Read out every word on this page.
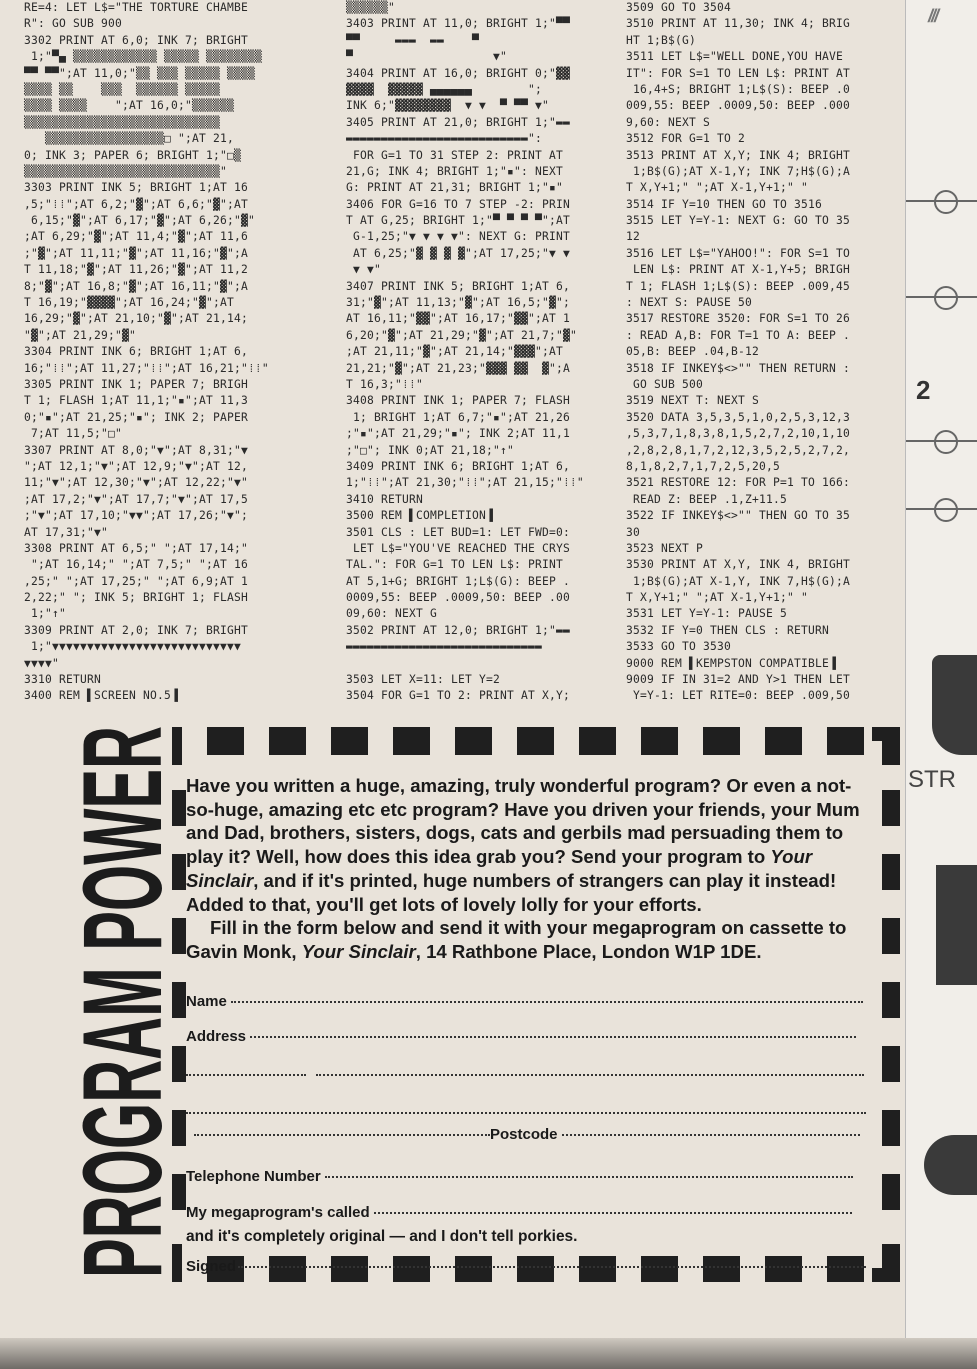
RE=4: LET L$="THE TORTURE CHAMBE
R": GO SUB 900
3302 PRINT AT 6,0; INK 7; BRIGHT
1;"▀▄ ▒▒▒▒▒▒▒▒▒▒▒▒ ▒▒▒▒▒ ▒▒▒▒▒▒▒▒
▀▀ ▀▀";AT 11,0;"▒▒ ▒▒▒ ▒▒▒▒▒ ▒▒▒▒
▒▒▒▒ ▒▒    ▒▒▒  ▒▒▒▒▒▒ ▒▒▒▒▒
▒▒▒▒ ▒▒▒▒    ";AT 16,0;"▒▒▒▒▒▒
▒▒▒▒▒▒▒▒▒▒▒▒▒▒▒▒▒▒▒▒▒▒▒▒▒▒▒▒
▒▒▒▒▒▒▒▒▒▒▒▒▒▒▒▒▒□ ";AT 21,
0; INK 3; PAPER 6; BRIGHT 1;"□▒
▒▒▒▒▒▒▒▒▒▒▒▒▒▒▒▒▒▒▒▒▒▒▒▒▒▒▒▒"
3303 PRINT INK 5; BRIGHT 1;AT 16
,5;"⁞⁞";AT 6,2;"▓";AT 6,6;"▓";AT
6,15;"▓";AT 6,17;"▓";AT 6,26;"▓"
;AT 6,29;"▓";AT 11,4;"▓";AT 11,6
;"▓";AT 11,11;"▓";AT 11,16;"▓";A
T 11,18;"▓";AT 11,26;"▓";AT 11,2
8;"▓";AT 16,8;"▓";AT 16,11;"▓";A
T 16,19;"▓▓▓▓";AT 16,24;"▓";AT
16,29;"▓";AT 21,10;"▓";AT 21,14;
"▓";AT 21,29;"▓"
3304 PRINT INK 6; BRIGHT 1;AT 6,
16;"⁞⁞";AT 11,27;"⁞⁞";AT 16,21;"⁞⁞"
3305 PRINT INK 1; PAPER 7; BRIGH
T 1; FLASH 1;AT 11,1;"▪";AT 11,3
0;"▪";AT 21,25;"▪"; INK 2; PAPER
7;AT 11,5;"□"
3307 PRINT AT 8,0;"▼";AT 8,31;"▼
";AT 12,1;"▼";AT 12,9;"▼";AT 12,
11;"▼";AT 12,30;"▼";AT 12,22;"▼"
;AT 17,2;"▼";AT 17,7;"▼";AT 17,5
;"▼";AT 17,10;"▼▼";AT 17,26;"▼";
AT 17,31;"▼"
3308 PRINT AT 6,5;" ";AT 17,14;"
";AT 16,14;" ";AT 7,5;" ";AT 16
,25;" ";AT 17,25;" ";AT 6,9;AT 1
2,22;" "; INK 5; BRIGHT 1; FLASH
1;"↑"
3309 PRINT AT 2,0; INK 7; BRIGHT
1;"▼▼▼▼▼▼▼▼▼▼▼▼▼▼▼▼▼▼▼▼▼▼▼▼▼▼▼
▼▼▼▼"
3310 RETURN
3400 REM ▌SCREEN NO.5▐
▒▒▒▒▒▒"
3403 PRINT AT 11,0; BRIGHT 1;"▀▀
▀▀     ▬▬▬  ▬▬    ▀
▀                    ▼"
3404 PRINT AT 16,0; BRIGHT 0;"▓▓
▓▓▓▓  ▓▓▓▓▓ ▄▄▄▄▄▄        ";
INK 6;"▓▓▓▓▓▓▓▓  ▼ ▼  ▀ ▀▀ ▼"
3405 PRINT AT 21,0; BRIGHT 1;"▬▬
▬▬▬▬▬▬▬▬▬▬▬▬▬▬▬▬▬▬▬▬▬▬▬▬▬▬":
FOR G=1 TO 31 STEP 2: PRINT AT
21,G; INK 4; BRIGHT 1;"▪": NEXT
G: PRINT AT 21,31; BRIGHT 1;"▪"
3406 FOR G=16 TO 7 STEP -2: PRIN
T AT G,25; BRIGHT 1;"▀ ▀ ▀ ▀";AT
G-1,25;"▼ ▼ ▼ ▼": NEXT G: PRINT
AT 6,25;"▓ ▓ ▓ ▓";AT 17,25;"▼ ▼
▼ ▼"
3407 PRINT INK 5; BRIGHT 1;AT 6,
31;"▓";AT 11,13;"▓";AT 16,5;"▓";
AT 16,11;"▓▓";AT 16,17;"▓▓";AT 1
6,20;"▓";AT 21,29;"▓";AT 21,7;"▓"
;AT 21,11;"▓";AT 21,14;"▓▓▓";AT
21,21;"▓";AT 21,23;"▓▓▓ ▓▓  ▓";A
T 16,3;"⁞⁞"
3408 PRINT INK 1; PAPER 7; FLASH
1; BRIGHT 1;AT 6,7;"▪";AT 21,26
;"▪";AT 21,29;"▪"; INK 2;AT 11,1
;"□"; INK 0;AT 21,18;"↑"
3409 PRINT INK 6; BRIGHT 1;AT 6,
1;"⁞⁞";AT 21,30;"⁞⁞";AT 21,15;"⁞⁞"
3410 RETURN
3500 REM ▌COMPLETION▐
3501 CLS : LET BUD=1: LET FWD=0:
LET L$="YOU'VE REACHED THE CRYS
TAL.": FOR G=1 TO LEN L$: PRINT
AT 5,1+G; BRIGHT 1;L$(G): BEEP .
0009,55: BEEP .0009,50: BEEP .00
09,60: NEXT G
3502 PRINT AT 12,0; BRIGHT 1;"▬▬
▬▬▬▬▬▬▬▬▬▬▬▬▬▬▬▬▬▬▬▬▬▬▬▬▬▬▬▬
3503 LET X=11: LET Y=2
3504 FOR G=1 TO 2: PRINT AT X,Y;
3509 GO TO 3504
3510 PRINT AT 11,30; INK 4; BRIG
HT 1;B$(G)
3511 LET L$="WELL DONE,YOU HAVE
IT": FOR S=1 TO LEN L$: PRINT AT
16,4+S; BRIGHT 1;L$(S): BEEP .0
009,55: BEEP .0009,50: BEEP .000
9,60: NEXT S
3512 FOR G=1 TO 2
3513 PRINT AT X,Y; INK 4; BRIGHT
1;B$(G);AT X-1,Y; INK 7;H$(G);A
T X,Y+1;" ";AT X-1,Y+1;" "
3514 IF Y=10 THEN GO TO 3516
3515 LET Y=Y-1: NEXT G: GO TO 35
12
3516 LET L$="YAHOO!": FOR S=1 TO
LEN L$: PRINT AT X-1,Y+5; BRIGH
T 1; FLASH 1;L$(S): BEEP .009,45
: NEXT S: PAUSE 50
3517 RESTORE 3520: FOR S=1 TO 26
: READ A,B: FOR T=1 TO A: BEEP .
05,B: BEEP .04,B-12
3518 IF INKEY$<>"" THEN RETURN :
GO SUB 500
3519 NEXT T: NEXT S
3520 DATA 3,5,3,5,1,0,2,5,3,12,3
,5,3,7,1,8,3,8,1,5,2,7,2,10,1,10
,2,8,2,8,1,7,2,12,3,5,2,5,2,7,2,
8,1,8,2,7,1,7,2,5,20,5
3521 RESTORE 12: FOR P=1 TO 166:
READ Z: BEEP .1,Z+11.5
3522 IF INKEY$<>"" THEN GO TO 35
30
3523 NEXT P
3530 PRINT AT X,Y, INK 4, BRIGHT
1;B$(G);AT X-1,Y, INK 7,H$(G);A
T X,Y+1;" ";AT X-1,Y+1;" "
3531 LET Y=Y-1: PAUSE 5
3532 IF Y=0 THEN CLS : RETURN
3533 GO TO 3530
9000 REM ▌KEMPSTON COMPATIBLE▐
9009 IF IN 31=2 AND Y>1 THEN LET
Y=Y-1: LET RITE=0: BEEP .009,50
///
2
STR
PROGRAM Have you written a huge, amazing, truly wonderful program? Or even a not-so-huge, amazing etc etc program? Have you driven your friends, your Mum and Dad, brothers, sisters, dogs, cats and gerbils mad persuading them to play it? Well, how does this idea grab you? Send your program to Your Sinclair, and if it's printed, huge numbers of strangers can play it instead! Added to that, you'll get lots of lovely lolly for your efforts.

Fill in the form below and send it with your megaprogram on cassette to Gavin Monk, Your Sinclair, 14 Rathbone Place, London W1P 1DE.

Name
Address
Postcode
Telephone Number
My megaprogram's called
and it's completely original — and I don't tell porkies.
Signed
